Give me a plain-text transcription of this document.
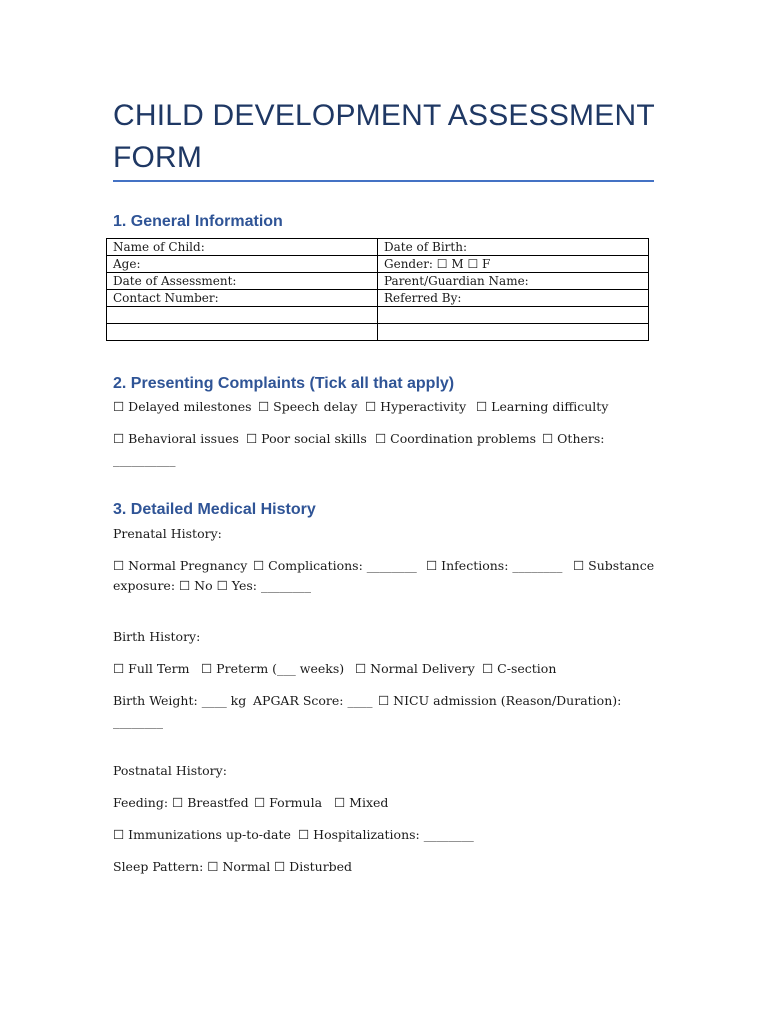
CHILD DEVELOPMENT ASSESSMENT FORM
1. General Information
Name of Child:	Date of Birth:
Age:	Gender: ☐ M ☐ F
Date of Assessment:	Parent/Guardian Name:
Contact Number:	Referred By:

2. Presenting Complaints (Tick all that apply)
☐ Delayed milestones ☐ Speech delay ☐ Hyperactivity ☐ Learning difficulty
☐ Behavioral issues ☐ Poor social skills ☐ Coordination problems ☐ Others:
__________
3. Detailed Medical History
Prenatal History:
☐ Normal Pregnancy ☐ Complications: ________ ☐ Infections: ________ ☐ Substance
exposure: ☐ No ☐ Yes: ________
Birth History:
☐ Full Term ☐ Preterm (___ weeks) ☐ Normal Delivery ☐ C-section
Birth Weight: ____ kg APGAR Score: ____ ☐ NICU admission (Reason/Duration):
________
Postnatal History:
Feeding: ☐ Breastfed ☐ Formula ☐ Mixed
☐ Immunizations up-to-date ☐ Hospitalizations: ________
Sleep Pattern: ☐ Normal ☐ Disturbed
